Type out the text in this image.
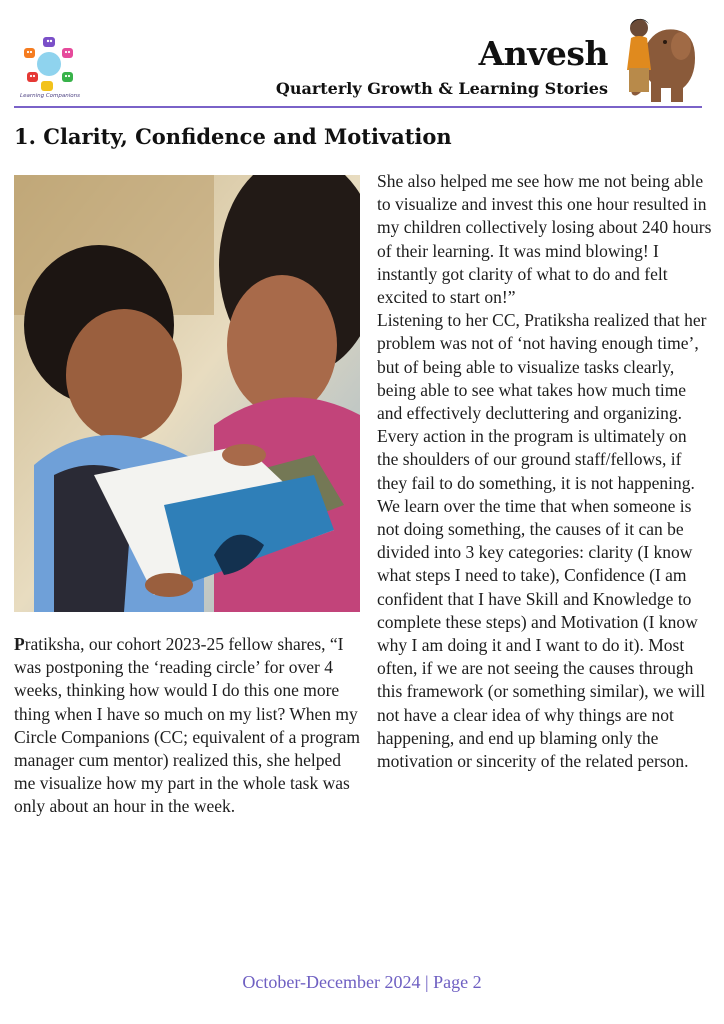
Learning Companions
Anvesh
Quarterly Growth & Learning Stories
1. Clarity, Confidence and Motivation

Pratiksha, our cohort 2023-25 fellow shares, “I was postponing the ‘reading circle’ for over 4 weeks, thinking how would I do this one more thing when I have so much on my list? When my Circle Companions (CC; equivalent of a program manager cum mentor) realized this, she helped me visualize how my part in the whole task was only about an hour in the week.

She also helped me see how me not being able to visualize and invest this one hour resulted in my children collectively losing about 240 hours of their learning. It was mind blowing! I instantly got clarity of what to do and felt excited to start on!”

Listening to her CC, Pratiksha realized that her problem was not of ‘not having enough time’, but of being able to visualize tasks clearly, being able to see what takes how much time and effectively decluttering and organizing. Every action in the program is ultimately on the shoulders of our ground staff/fellows, if they fail to do something, it is not happening. We learn over the time that when someone is not doing something, the causes of it can be divided into 3 key categories: clarity (I know what steps I need to take), Confidence (I am confident that I have Skill and Knowledge to complete these steps) and Motivation (I know why I am doing it and I want to do it). Most often, if we are not seeing the causes through this framework (or something similar), we will not have a clear idea of why things are not happening, and end up blaming only the motivation or sincerity of the related person.

October-December 2024 | Page 2
